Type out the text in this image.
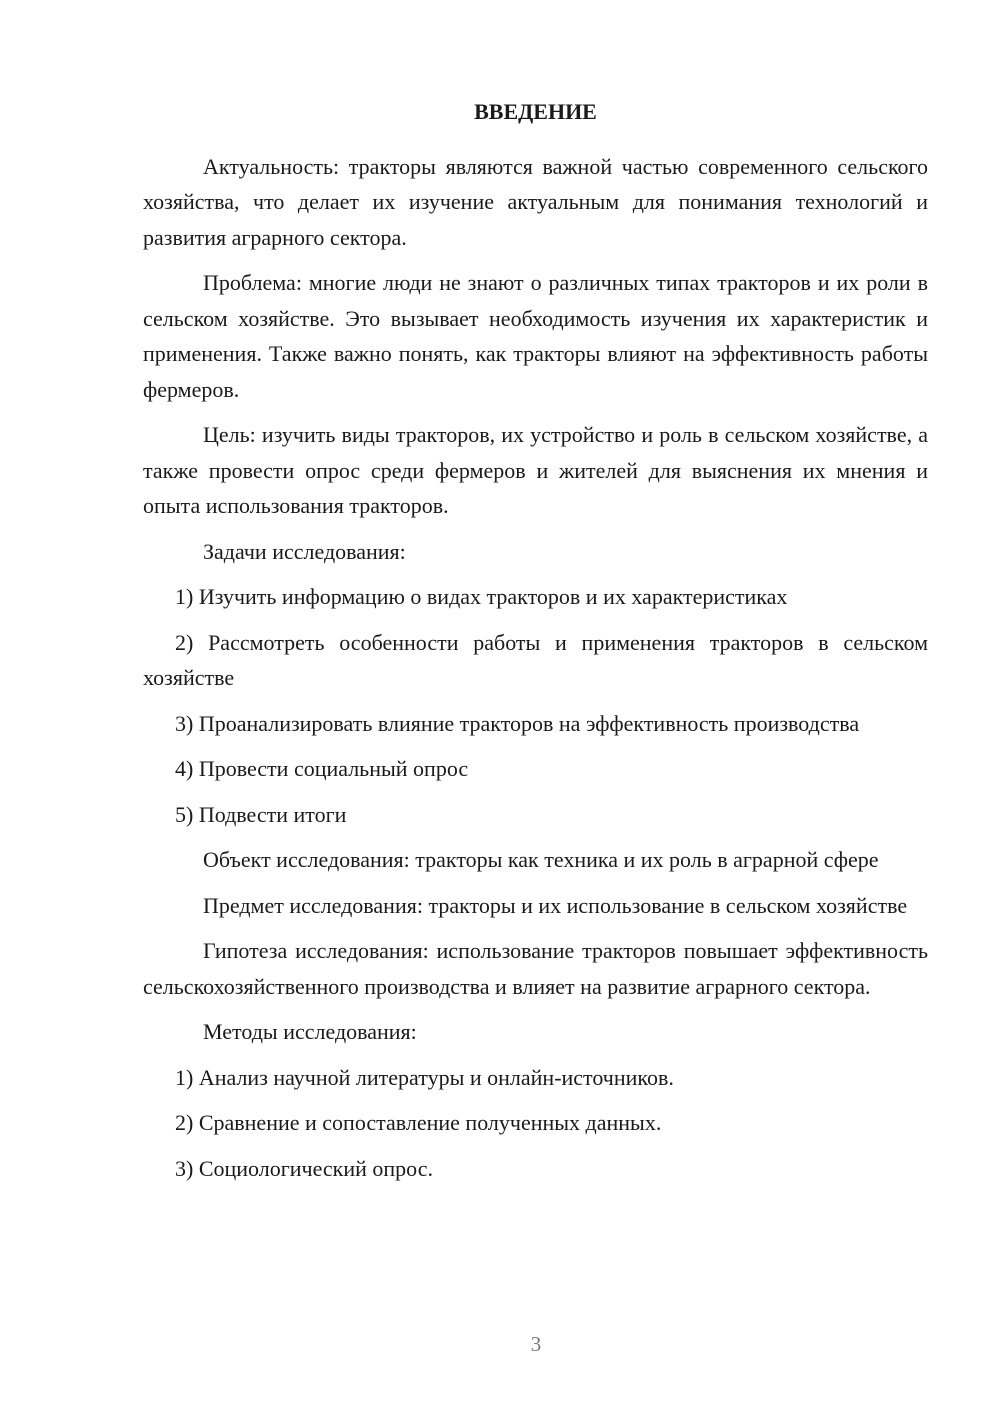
ВВЕДЕНИЕ
Актуальность: тракторы являются важной частью современного сельского хозяйства, что делает их изучение актуальным для понимания технологий и развития аграрного сектора.
Проблема: многие люди не знают о различных типах тракторов и их роли в сельском хозяйстве. Это вызывает необходимость изучения их характеристик и применения. Также важно понять, как тракторы влияют на эффективность работы фермеров.
Цель: изучить виды тракторов, их устройство и роль в сельском хозяйстве, а также провести опрос среди фермеров и жителей для выяснения их мнения и опыта использования тракторов.
Задачи исследования:
1) Изучить информацию о видах тракторов и их характеристиках
2) Рассмотреть особенности работы и применения тракторов в сельском хозяйстве
3) Проанализировать влияние тракторов на эффективность производства
4) Провести социальный опрос
5) Подвести итоги
Объект исследования: тракторы как техника и их роль в аграрной сфере
Предмет исследования: тракторы и их использование в сельском хозяйстве
Гипотеза исследования: использование тракторов повышает эффективность сельскохозяйственного производства и влияет на развитие аграрного сектора.
Методы исследования:
1) Анализ научной литературы и онлайн-источников.
2) Сравнение и сопоставление полученных данных.
3) Социологический опрос.
3
